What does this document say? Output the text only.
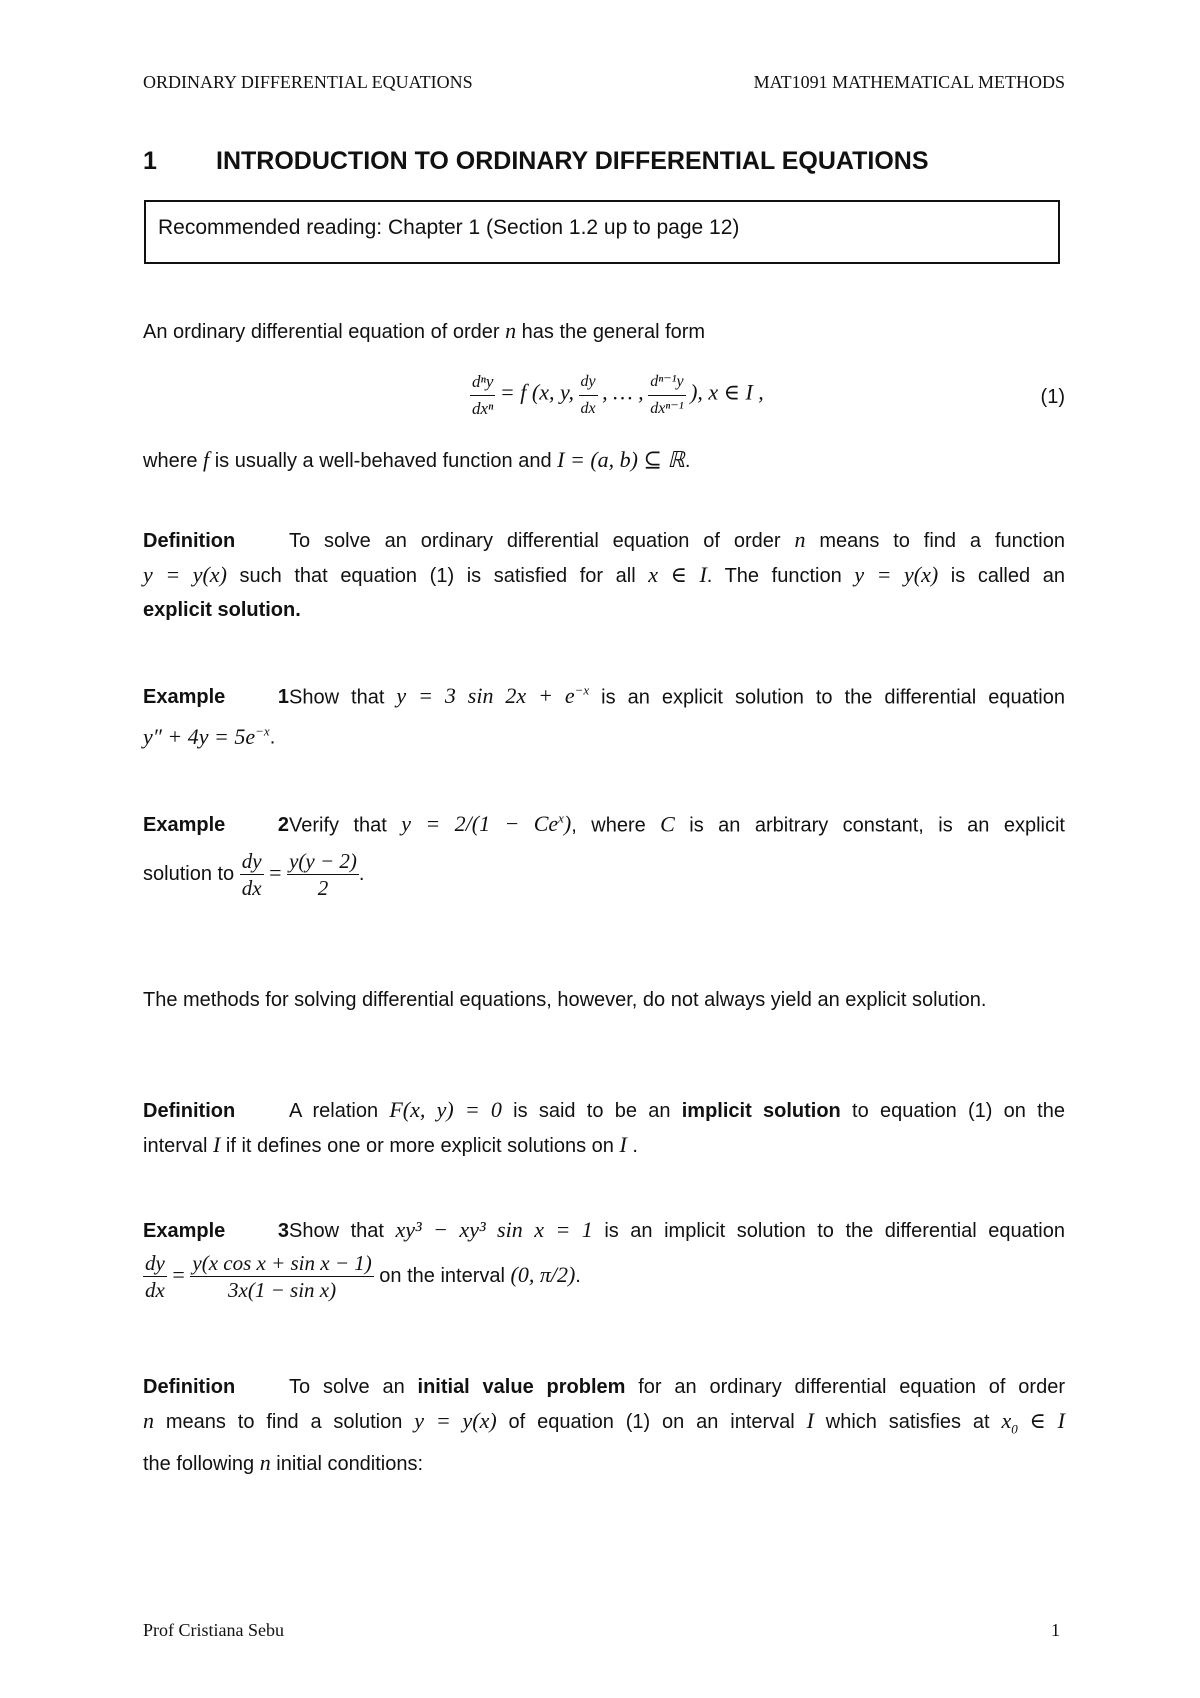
ORDINARY DIFFERENTIAL EQUATIONS	MAT1091 MATHEMATICAL METHODS
1 INTRODUCTION TO ORDINARY DIFFERENTIAL EQUATIONS
Recommended reading: Chapter 1 (Section 1.2 up to page 12)
An ordinary differential equation of order n has the general form
$\frac{\text{dⁿy}}{\text{dxⁿ}} = f$ (x, y, $\frac{dy}{dx}$ , … , $\frac{\text{dⁿ⁻¹y}}{\text{dxⁿ⁻¹}}$ ), x ∈ I ,	(1)
where f is usually a well-behaved function and I = (a, b) ⊆ ℝ.
Definition	To solve an ordinary differential equation of order n means to find a function
y = y(x) such that equation (1) is satisfied for all x ∈ I. The function y = y(x) is called an
explicit solution.
Example 1Show that y = 3 $\sin 2x + e^{-x}$ is an explicit solution to the differential equation
$y'' + 4y = 5e^{-x}$.
Example 2Verify that $y = 2/(1 - Ce^x)$, where C is an arbitrary constant, is an explicit
solution to $\frac{dy}{dx} = \frac{y(y - 2)}{2}$ .
The methods for solving differential equations, however, do not always yield an explicit solution.
Definition	A relation F(x, y) = 0 is said to be an implicit solution to equation (1) on the
interval I if it defines one or more explicit solutions on I .
Example 3Show that xy³ − xy³ sin x = 1 is an implicit solution to the differential equation
$\frac{dy}{dx} = \frac{\text{y(x cos x + sin x − 1)}}{\text{3x(1 − sin x)}}$ on the interval (0, π/2).
Definition	To solve an initial value problem for an ordinary differential equation of order
n means to find a solution y = y(x) of equation (1) on an interval I which satisfies at $x_0$ ∈ I
the following n initial conditions:
Prof Cristiana Sebu	1
